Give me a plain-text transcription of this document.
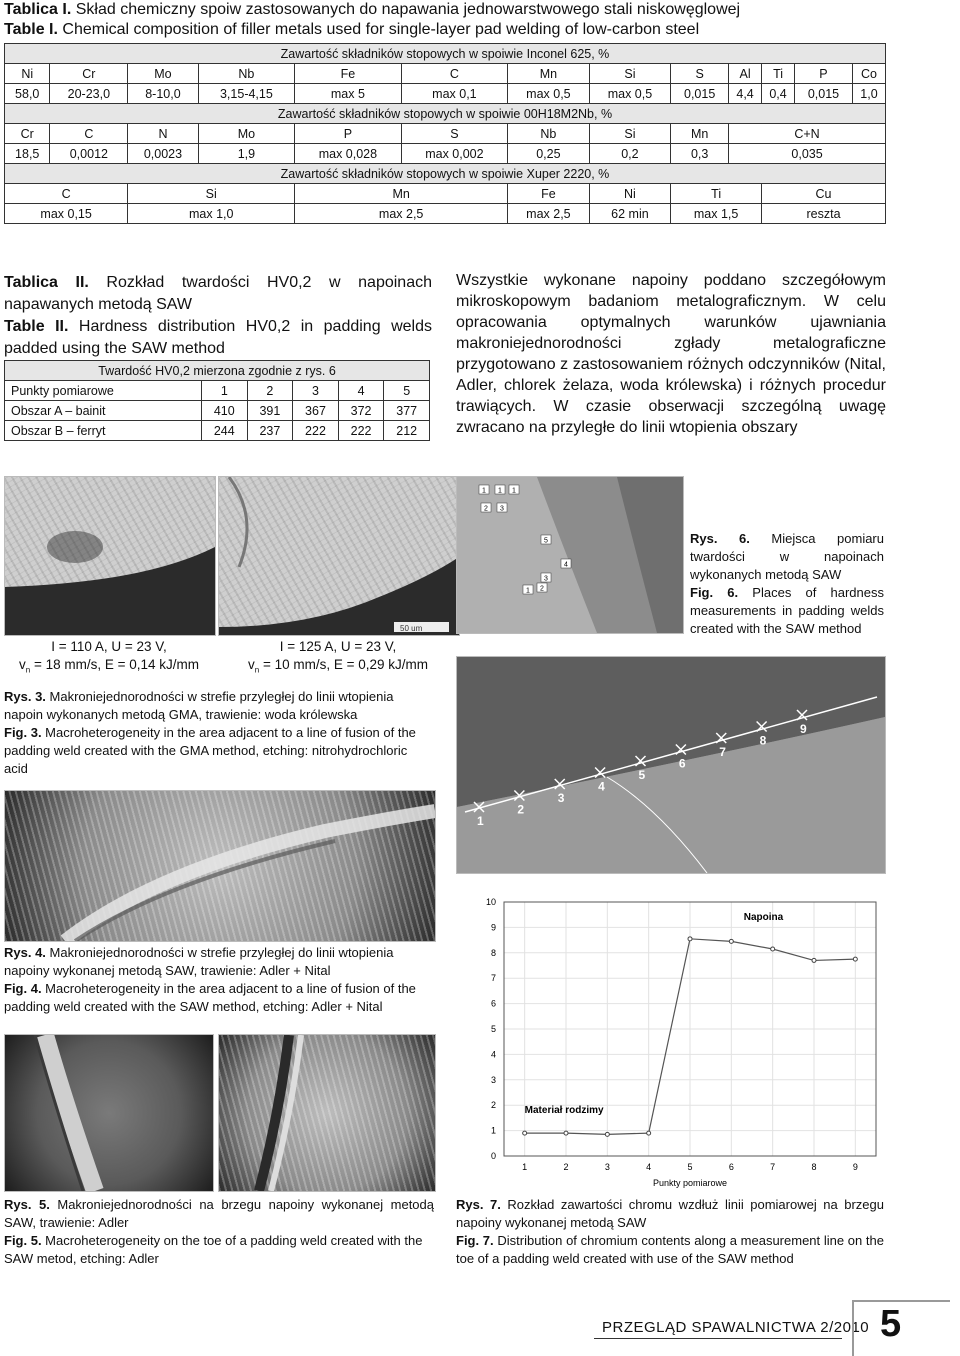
Tablica I. Skład chemiczny spoiw zastosowanych do napawania jednowarstwowego stali niskowęglowej
Table I. Chemical composition of filler metals used for single-layer pad welding of low-carbon steel
Zawartość składników stopowych w spoiwie Inconel 625, %												
Ni	Cr	Mo	Nb	Fe	C	Mn	Si	S	Al	Ti	P	Co
58,0	20-23,0	8-10,0	3,15-4,15	max 5	max 0,1	max 0,5	max 0,5	0,015	4,4	0,4	0,015	1,0
Zawartość składników stopowych w spoiwie 00H18M2Nb, %												
Cr	C	N	Mo	P	S	Nb	Si	Mn	C+N			
18,5	0,0012	0,0023	1,9	max 0,028	max 0,002	0,25	0,2	0,3	0,035			
Zawartość składników stopowych w spoiwie Xuper 2220, %												
C		Si		Mn		Fe	Ni	Ti		Cu		
max 0,15		max 1,0		max 2,5		max 2,5	62 min	max 1,5		reszta		
Tablica II. Rozkład twardości HV0,2 w napoinach napawanych metodą SAW
Table II. Hardness distribution HV0,2 in padding welds padded using the SAW method
Twardość HV0,2 mierzona zgodnie z rys. 6					
Punkty pomiarowe	1	2	3	4	5
Obszar A – bainit	410	391	367	372	377
Obszar B – ferryt	244	237	222	222	212
Wszystkie wykonane napoiny poddano szczegółowym mikroskopowym badaniom metalograficznym. W celu opracowania optymalnych warunków ujawniania makroniejednorodności zgłady metalograficzne przygotowano z zastosowaniem różnych odczynników (Nital, Adler, chlorek żelaza, woda królewska) i różnych procedur trawiących. W czasie obserwacji szczególną uwagę zwracano na przyległe do linii wtopienia obszary
50 um
I = 110 A, U = 23 V,
$v_n = 18$ mm/s, E = 0,14 kJ/mm
I = 125 A, U = 23 V,
$v_n = 10$ mm/s, E = 0,29 kJ/mm
Rys. 3. Makroniejednorodności w strefie przyległej do linii wtopienia napoin wykonanych metodą GMA, trawienie: woda królewska
Fig. 3. Macroheterogeneity in the area adjacent to a line of fusion of the padding weld created with the GMA method, etching: nitrohydrochloric acid
Rys. 4. Makroniejednorodności w strefie przyległej do linii wtopienia napoiny wykonanej metodą SAW, trawienie: Adler + Nital
Fig. 4. Macroheterogeneity in the area adjacent to a line of fusion of the padding weld created with the SAW method, etching: Adler + Nital
Rys. 5. Makroniejednorodności na brzegu napoiny wykonanej metodą SAW, trawienie: Adler
Fig. 5. Macroheterogeneity on the toe of a padding weld created with the SAW metod, etching: Adler
1 1 1
2 3
5
4
3
2
1
Rys. 6. Miejsca pomiaru twardości w napoinach wykonanych metodą SAW
Fig. 6. Places of hardness measurements in padding welds created with the SAW method
1
2
3
4
5
6
7
8
9
0
1
2
3
4
5
6
7
8
9
10
1	2	3	4	5	6	7	8	9
Punkty pomiarowe
Napoina
Materiał rodzimy
Rys. 7. Rozkład zawartości chromu wzdłuż linii pomiarowej na brzegu napoiny wykonanej metodą SAW
Fig. 7. Distribution of chromium contents along a measurement line on the toe of a padding weld created with use of the SAW method
PRZEGLĄD SPAWALNICTWA 2/2010 5
